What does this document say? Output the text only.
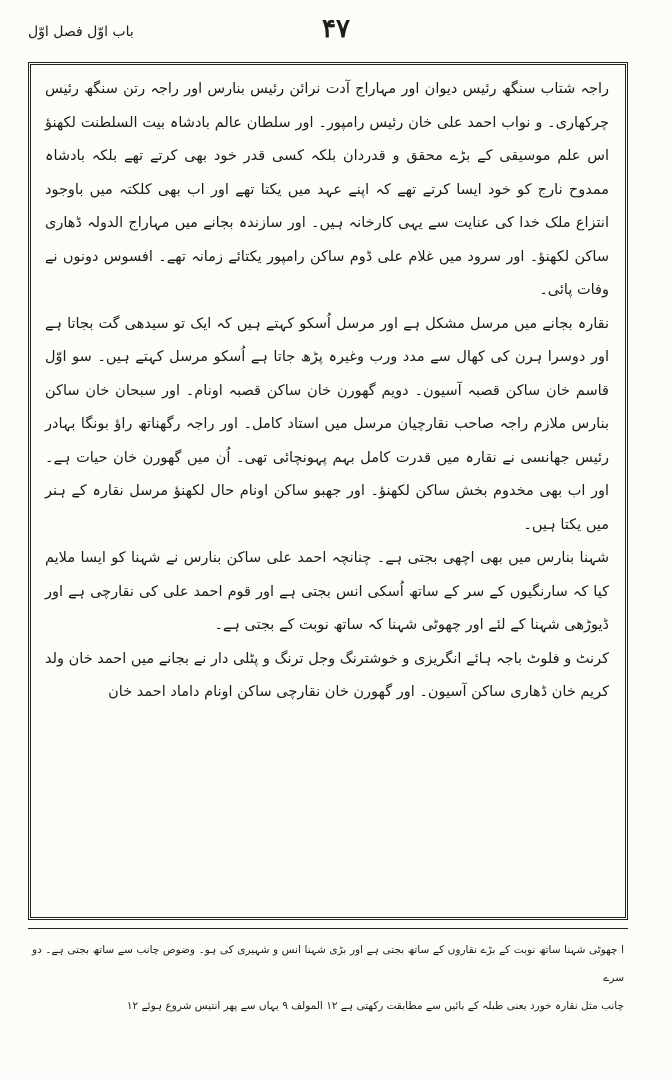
۴۷
باب اوّل فصل اوّل

راجہ شتاب سنگھ رئیس دیوان اور مہاراج آدت نرائن رئیس بنارس اور راجہ رتن سنگھ رئیس چرکھاری۔ و نواب احمد علی خان رئیس رامپور۔ اور سلطان عالم بادشاہ بیت السلطنت لکھنؤ اس علم موسیقی کے بڑے محقق و قدردان بلکہ کسی قدر خود بھی کرتے تھے بلکہ بادشاہ ممدوح نارج کو خود ایسا کرتے تھے کہ اپنے عہد میں یکتا تھے اور اب بھی کلکتہ میں باوجود انتزاع ملک خدا کی عنایت سے یہی کارخانہ ہیں۔ اور سازندہ بجانے میں مہاراج الدولہ ڈھاری ساکن لکھنؤ۔ اور سرود میں غلام علی ڈوم ساکن رامپور یکتائے زمانہ تھے۔ افسوس دونوں نے وفات پائی۔

نقارہ بجانے میں مرسل مشکل ہے اور مرسل اُسکو کہتے ہیں کہ ایک تو سیدھی گت بجاتا ہے اور دوسرا ہرن کی کھال سے مدد ورب وغیرہ پڑھ جاتا ہے اُسکو مرسل کہتے ہیں۔ سو اوّل قاسم خان ساکن قصبہ آسیون۔ دویم گھورن خان ساکن قصبہ اونام۔ اور سبحان خان ساکن بنارس ملازم راجہ صاحب نقارچیان مرسل میں استاد کامل۔ اور راجہ رگھناتھ راؤ بونگا بہادر رئیس جھانسی نے نقارہ میں قدرت کامل بہم پہونچائی تھی۔ اُن میں گھورن خان حیات ہے۔ اور اب بھی مخدوم بخش ساکن لکھنؤ۔ اور جھبو ساکن اونام حال لکھنؤ مرسل نقارہ کے ہنر میں یکتا ہیں۔

شہنا بنارس میں بھی اچھی بجتی ہے۔ چنانچہ احمد علی ساکن بنارس نے شہنا کو ایسا ملایم کیا کہ سارنگیوں کے سر کے ساتھ اُسکی انس بجتی ہے اور قوم احمد علی کی نقارچی ہے اور ڈیوڑھی شہنا کے لئے اور چھوٹی شہنا کہ ساتھ نوبت کے بجتی ہے۔

کرنٹ و فلوٹ باجہ ہائے انگریزی و خوشترنگ وجل ترنگ و پٹلی دار نے بجانے میں احمد خان ولد کریم خان ڈھاری ساکن آسیون۔ اور گھورن خان نقارچی ساکن اونام داماد احمد خان

ا چھوٹی شہنا ساتھ نوبت کے بڑے نقاروں کے ساتھ بجتی ہے اور بڑی شہنا انس و شہیری کی ہو۔ وضوص چانب سے ساتھ بجتی ہے۔ دو سرے
چانب مثل نقارہ خورد یعنی طبلہ کے بائیں سے مطابقت رکھتی ہے ۱۲ المولف ۹ یہاں سے پھر انتیس شروع ہوئے ۱۲
